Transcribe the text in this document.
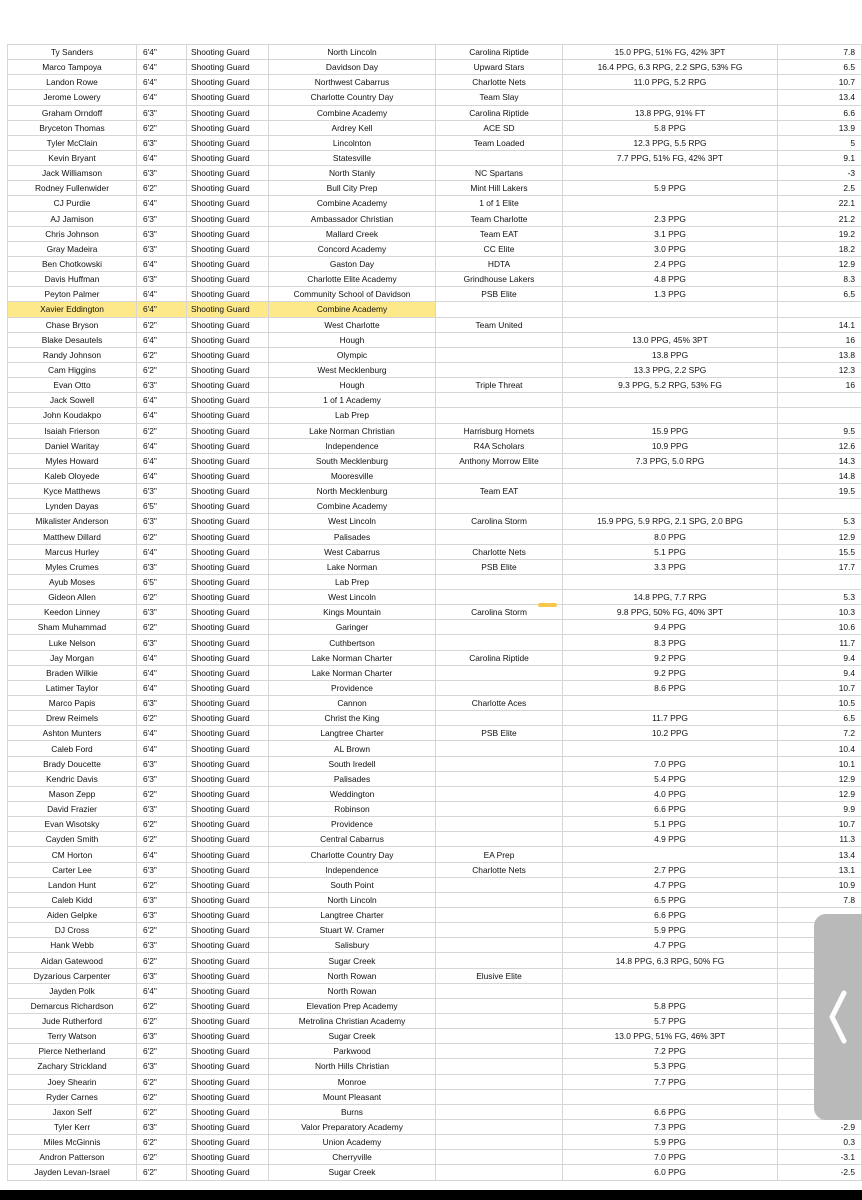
Ty Sanders	6'4"	Shooting Guard	North Lincoln	Carolina Riptide	15.0 PPG, 51% FG, 42% 3PT	7.8
Marco Tampoya	6'4"	Shooting Guard	Davidson Day	Upward Stars	16.4 PPG, 6.3 RPG, 2.2 SPG, 53% FG	6.5
Landon Rowe	6'4"	Shooting Guard	Northwest Cabarrus	Charlotte Nets	11.0 PPG, 5.2 RPG	10.7
Jerome Lowery	6'4"	Shooting Guard	Charlotte Country Day	Team Slay		13.4
Graham Orndoff	6'3"	Shooting Guard	Combine Academy	Carolina Riptide	13.8 PPG, 91% FT	6.6
Bryceton Thomas	6'2"	Shooting Guard	Ardrey Kell	ACE SD	5.8 PPG	13.9
Tyler McClain	6'3"	Shooting Guard	Lincolnton	Team Loaded	12.3 PPG, 5.5 RPG	5
Kevin Bryant	6'4"	Shooting Guard	Statesville		7.7 PPG, 51% FG, 42% 3PT	9.1
Jack Williamson	6'3"	Shooting Guard	North Stanly	NC Spartans		-3
Rodney Fullenwider	6'2"	Shooting Guard	Bull City Prep	Mint Hill Lakers	5.9 PPG	2.5
CJ Purdie	6'4"	Shooting Guard	Combine Academy	1 of 1 Elite		22.1
AJ Jamison	6'3"	Shooting Guard	Ambassador Christian	Team Charlotte	2.3 PPG	21.2
Chris Johnson	6'3"	Shooting Guard	Mallard Creek	Team EAT	3.1 PPG	19.2
Gray Madeira	6'3"	Shooting Guard	Concord Academy	CC Elite	3.0 PPG	18.2
Ben Chotkowski	6'4"	Shooting Guard	Gaston Day	HDTA	2.4 PPG	12.9
Davis Huffman	6'3"	Shooting Guard	Charlotte Elite Academy	Grindhouse Lakers	4.8 PPG	8.3
Peyton Palmer	6'4"	Shooting Guard	Community School of Davidson	PSB Elite	1.3 PPG	6.5
Xavier Eddington	6'4"	Shooting Guard	Combine Academy			
Chase Bryson	6'2"	Shooting Guard	West Charlotte	Team United		14.1
Blake Desautels	6'4"	Shooting Guard	Hough		13.0 PPG, 45% 3PT	16
Randy Johnson	6'2"	Shooting Guard	Olympic		13.8 PPG	13.8
Cam Higgins	6'2"	Shooting Guard	West Mecklenburg		13.3 PPG, 2.2 SPG	12.3
Evan Otto	6'3"	Shooting Guard	Hough	Triple Threat	9.3 PPG, 5.2 RPG, 53% FG	16
Jack Sowell	6'4"	Shooting Guard	1 of 1 Academy			
John Koudakpo	6'4"	Shooting Guard	Lab Prep			
Isaiah Frierson	6'2"	Shooting Guard	Lake Norman Christian	Harrisburg Hornets	15.9 PPG	9.5
Daniel Waritay	6'4"	Shooting Guard	Independence	R4A Scholars	10.9 PPG	12.6
Myles Howard	6'4"	Shooting Guard	South Mecklenburg	Anthony Morrow Elite	7.3 PPG, 5.0 RPG	14.3
Kaleb Oloyede	6'4"	Shooting Guard	Mooresville			14.8
Kyce Matthews	6'3"	Shooting Guard	North Mecklenburg	Team EAT		19.5
Lynden Dayas	6'5"	Shooting Guard	Combine Academy			
Mikalister Anderson	6'3"	Shooting Guard	West Lincoln	Carolina Storm	15.9 PPG, 5.9 RPG, 2.1 SPG, 2.0 BPG	5.3
Matthew Dillard	6'2"	Shooting Guard	Palisades		8.0 PPG	12.9
Marcus Hurley	6'4"	Shooting Guard	West Cabarrus	Charlotte Nets	5.1 PPG	15.5
Myles Crumes	6'3"	Shooting Guard	Lake Norman	PSB Elite	3.3 PPG	17.7
Ayub Moses	6'5"	Shooting Guard	Lab Prep			
Gideon Allen	6'2"	Shooting Guard	West Lincoln		14.8 PPG, 7.7 RPG	5.3
Keedon Linney	6'3"	Shooting Guard	Kings Mountain	Carolina Storm	9.8 PPG, 50% FG, 40% 3PT	10.3
Sham Muhammad	6'2"	Shooting Guard	Garinger		9.4 PPG	10.6
Luke Nelson	6'3"	Shooting Guard	Cuthbertson		8.3 PPG	11.7
Jay Morgan	6'4"	Shooting Guard	Lake Norman Charter	Carolina Riptide	9.2 PPG	9.4
Braden Wilkie	6'4"	Shooting Guard	Lake Norman Charter		9.2 PPG	9.4
Latimer Taylor	6'4"	Shooting Guard	Providence		8.6 PPG	10.7
Marco Papis	6'3"	Shooting Guard	Cannon	Charlotte Aces		10.5
Drew Reimels	6'2"	Shooting Guard	Christ the King		11.7 PPG	6.5
Ashton Munters	6'4"	Shooting Guard	Langtree Charter	PSB Elite	10.2 PPG	7.2
Caleb Ford	6'4"	Shooting Guard	AL Brown			10.4
Brady Doucette	6'3"	Shooting Guard	South Iredell		7.0 PPG	10.1
Kendric Davis	6'3"	Shooting Guard	Palisades		5.4 PPG	12.9
Mason Zepp	6'2"	Shooting Guard	Weddington		4.0 PPG	12.9
David Frazier	6'3"	Shooting Guard	Robinson		6.6 PPG	9.9
Evan Wisotsky	6'2"	Shooting Guard	Providence		5.1 PPG	10.7
Cayden Smith	6'2"	Shooting Guard	Central Cabarrus		4.9 PPG	11.3
CM Horton	6'4"	Shooting Guard	Charlotte Country Day	EA Prep		13.4
Carter Lee	6'3"	Shooting Guard	Independence	Charlotte Nets	2.7 PPG	13.1
Landon Hunt	6'2"	Shooting Guard	South Point		4.7 PPG	10.9
Caleb Kidd	6'3"	Shooting Guard	North Lincoln		6.5 PPG	7.8
Aiden Gelpke	6'3"	Shooting Guard	Langtree Charter		6.6 PPG	
DJ Cross	6'2"	Shooting Guard	Stuart W. Cramer		5.9 PPG	
Hank Webb	6'3"	Shooting Guard	Salisbury		4.7 PPG	
Aidan Gatewood	6'2"	Shooting Guard	Sugar Creek		14.8 PPG, 6.3 RPG, 50% FG	
Dyzarious Carpenter	6'3"	Shooting Guard	North Rowan	Elusive Elite		
Jayden Polk	6'4"	Shooting Guard	North Rowan			
Demarcus Richardson	6'2"	Shooting Guard	Elevation Prep Academy		5.8 PPG	
Jude Rutherford	6'2"	Shooting Guard	Metrolina Christian Academy		5.7 PPG	
Terry Watson	6'3"	Shooting Guard	Sugar Creek		13.0 PPG, 51% FG, 46% 3PT	
Pierce Netherland	6'2"	Shooting Guard	Parkwood		7.2 PPG	
Zachary Strickland	6'3"	Shooting Guard	North Hills Christian		5.3 PPG	
Joey Shearin	6'2"	Shooting Guard	Monroe		7.7 PPG	
Ryder Carnes	6'2"	Shooting Guard	Mount Pleasant			
Jaxon Self	6'2"	Shooting Guard	Burns		6.6 PPG	
Tyler Kerr	6'3"	Shooting Guard	Valor Preparatory Academy		7.3 PPG	-2.9
Miles McGinnis	6'2"	Shooting Guard	Union Academy		5.9 PPG	0.3
Andron Patterson	6'2"	Shooting Guard	Cherryville		7.0 PPG	-3.1
Jayden Levan-Israel	6'2"	Shooting Guard	Sugar Creek		6.0 PPG	-2.5
